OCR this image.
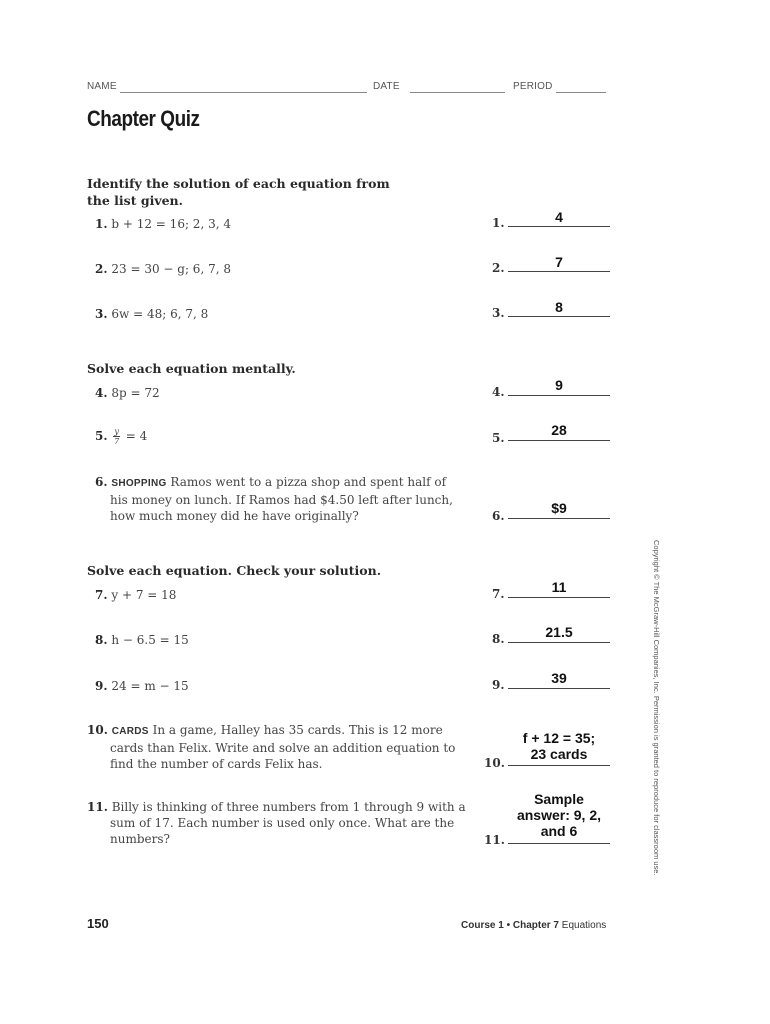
NAME	DATE	PERIOD
Chapter Quiz
Identify the solution of each equation from
the list given.
1. b + 12 = 16; 2, 3, 4	1.	4
2. 23 = 30 − g; 6, 7, 8	2.	7
3. 6w = 48; 6, 7, 8	3.	8
Solve each equation mentally.
4. 8p = 72	4.	9
5. $\frac{y}{7} = 4$	5.	28
6. SHOPPING Ramos went to a pizza shop and spent half of
his money on lunch. If Ramos had $4.50 left after lunch,
how much money did he have originally?	6.	$9
Solve each equation. Check your solution.
7. y + 7 = 18	7.	11
8. h − 6.5 = 15	8.	21.5
9. 24 = m − 15	9.	39
10. CARDS In a game, Halley has 35 cards. This is 12 more
cards than Felix. Write and solve an addition equation to
find the number of cards Felix has.	10.
f + 12 = 35;
23 cards
11. Billy is thinking of three numbers from 1 through 9 with a
sum of 17. Each number is used only once. What are the
numbers?	11.
Sample
answer: 9, 2,
and 6	Copyright © The McGraw-Hill Companies, Inc. Permission is granted to reproduce for classroom use.
150	Course 1 • Chapter 7 Equations
